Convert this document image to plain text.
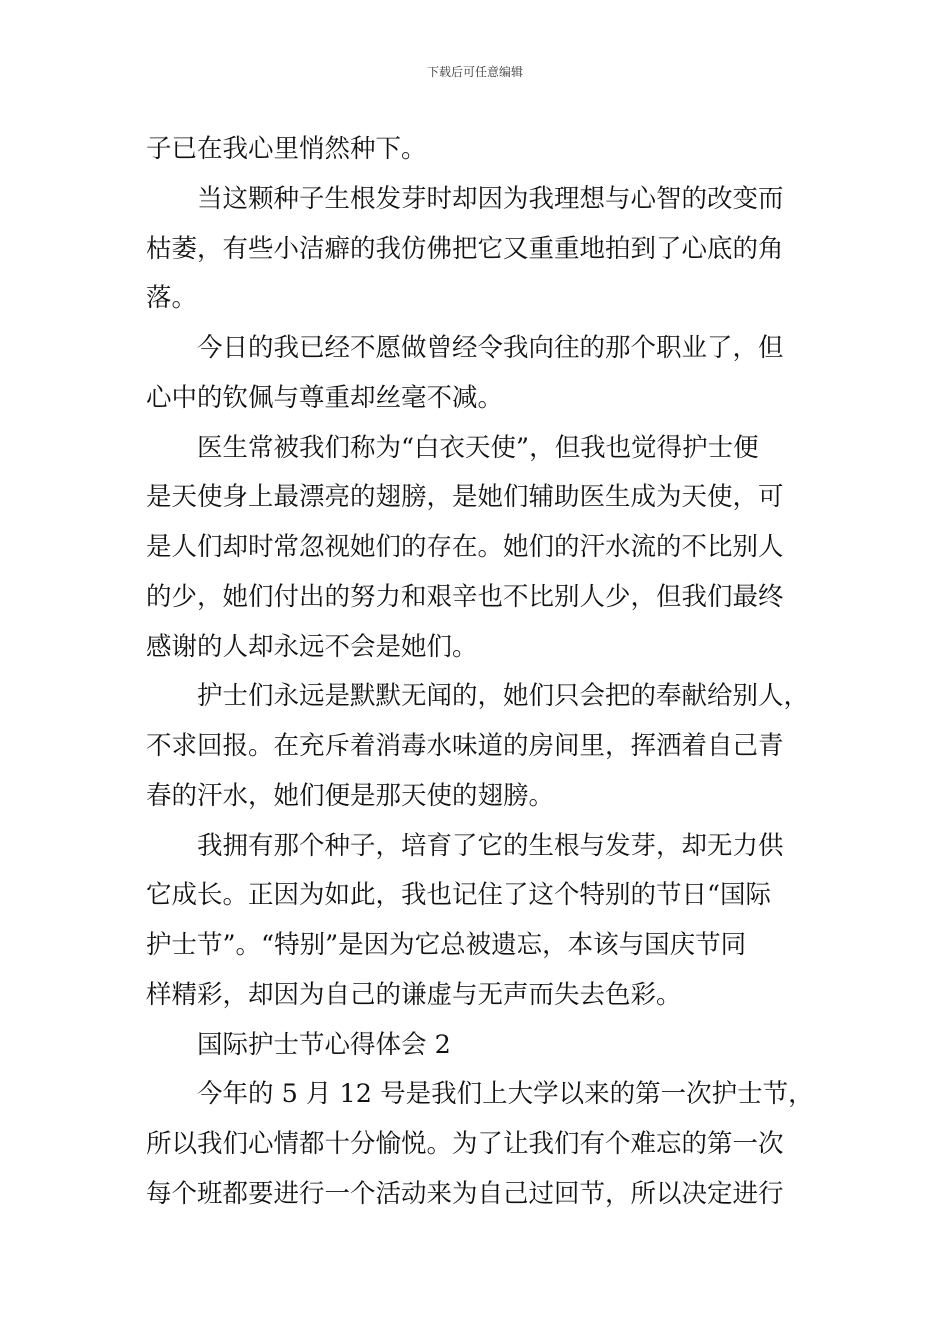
下载后可任意编辑
子已在我心里悄然种下。
当这颗种子生根发芽时却因为我理想与心智的改变而
枯萎，有些小洁癖的我仿佛把它又重重地拍到了心底的角
落。
今日的我已经不愿做曾经令我向往的那个职业了，但
心中的钦佩与尊重却丝毫不减。
医生常被我们称为“白衣天使”，但我也觉得护士便
是天使身上最漂亮的翅膀，是她们辅助医生成为天使，可
是人们却时常忽视她们的存在。她们的汗水流的不比别人
的少，她们付出的努力和艰辛也不比别人少，但我们最终
感谢的人却永远不会是她们。
护士们永远是默默无闻的，她们只会把的奉献给别人，
不求回报。在充斥着消毒水味道的房间里，挥洒着自己青
春的汗水，她们便是那天使的翅膀。
我拥有那个种子，培育了它的生根与发芽，却无力供
它成长。正因为如此，我也记住了这个特别的节日“国际
护士节”。“特别”是因为它总被遗忘，本该与国庆节同
样精彩，却因为自己的谦虚与无声而失去色彩。
国际护士节心得体会 2
今年的 5 月 12 号是我们上大学以来的第一次护士节，
所以我们心情都十分愉悦。为了让我们有个难忘的第一次
每个班都要进行一个活动来为自己过回节，所以决定进行
